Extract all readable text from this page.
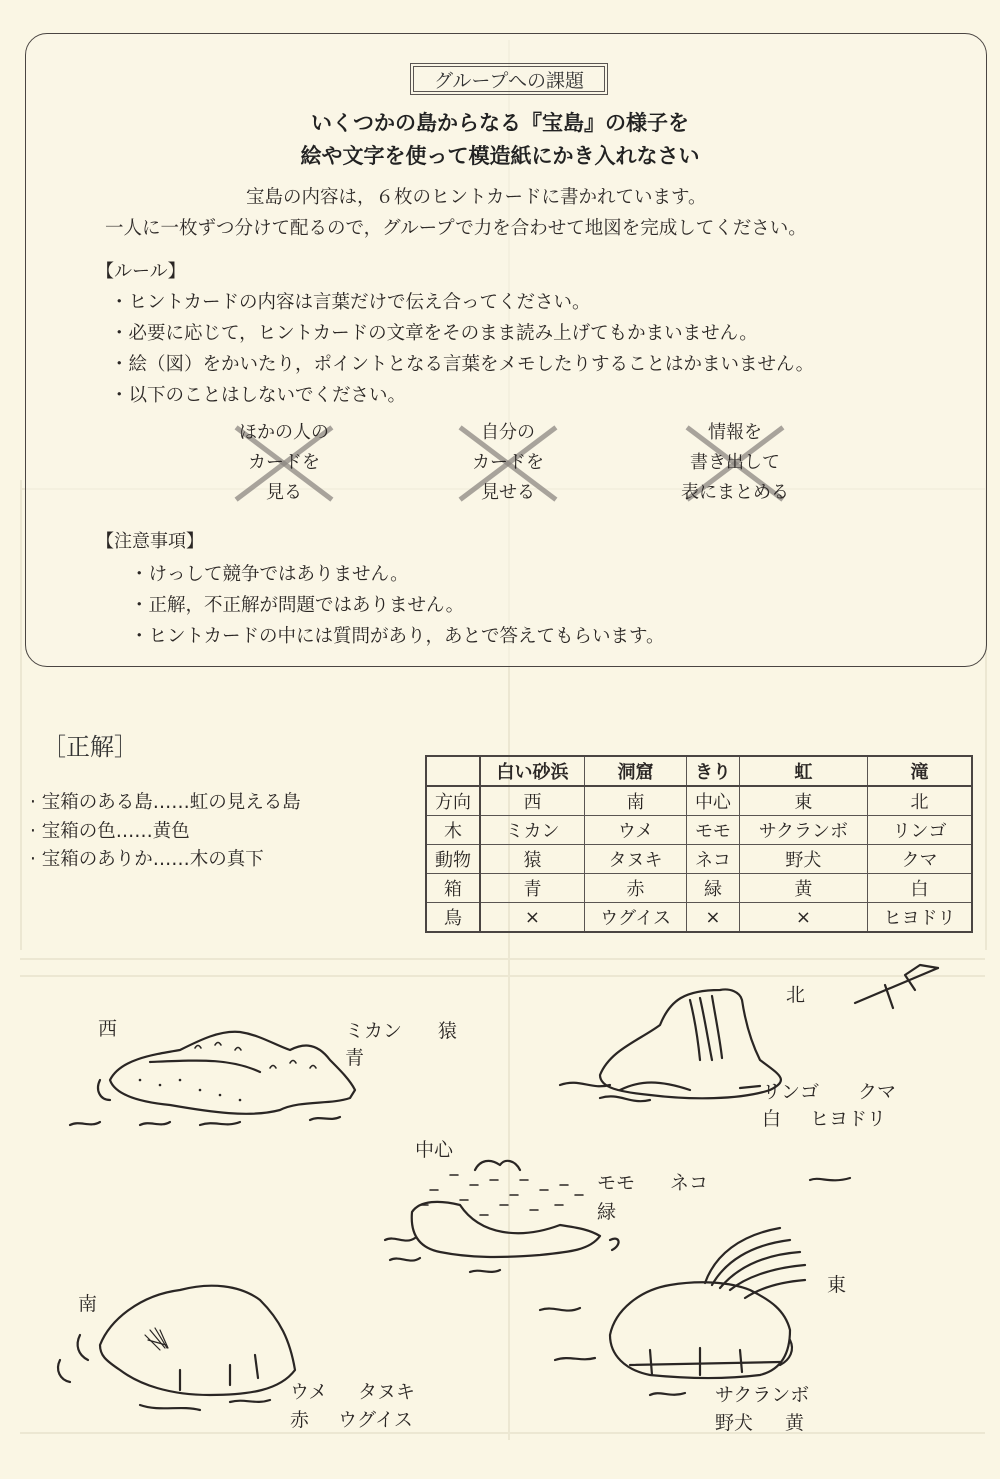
グループへの課題
いくつかの島からなる『宝島』の様子を
絵や文字を使って模造紙にかき入れなさい
宝島の内容は，６枚のヒントカードに書かれています。
一人に一枚ずつ分けて配るので，グループで力を合わせて地図を完成してください。
【ルール】
・ヒントカードの内容は言葉だけで伝え合ってください。
・必要に応じて，ヒントカードの文章をそのまま読み上げてもかまいません。
・絵（図）をかいたり，ポイントとなる言葉をメモしたりすることはかまいません。
・以下のことはしないでください。
ほかの人の
カードを
見る
自分の
カードを
見せる
情報を
書き出して
表にまとめる
【注意事項】
・けっして競争ではありません。
・正解，不正解が問題ではありません。
・ヒントカードの中には質問があり，あとで答えてもらいます。
［正解］
· 宝箱のある島……虹の見える島
· 宝箱の色……黄色
· 宝箱のありか……木の真下
	白い砂浜	洞窟	きり	虹	滝
方向	西	南	中心	東	北
木	ミカン	ウメ	モモ	サクランボ	リンゴ
動物	猿	タヌキ	ネコ	野犬	クマ
箱	青	赤	緑	黄	白
鳥	×	ウグイス	×	×	ヒヨドリ
西	ミカン 猿
青
北
リンゴ クマ
白 ヒヨドリ
中心
モモ ネコ
緑
南
ウメ タヌキ
赤 ウグイス
東
サクランボ
野犬 黄
